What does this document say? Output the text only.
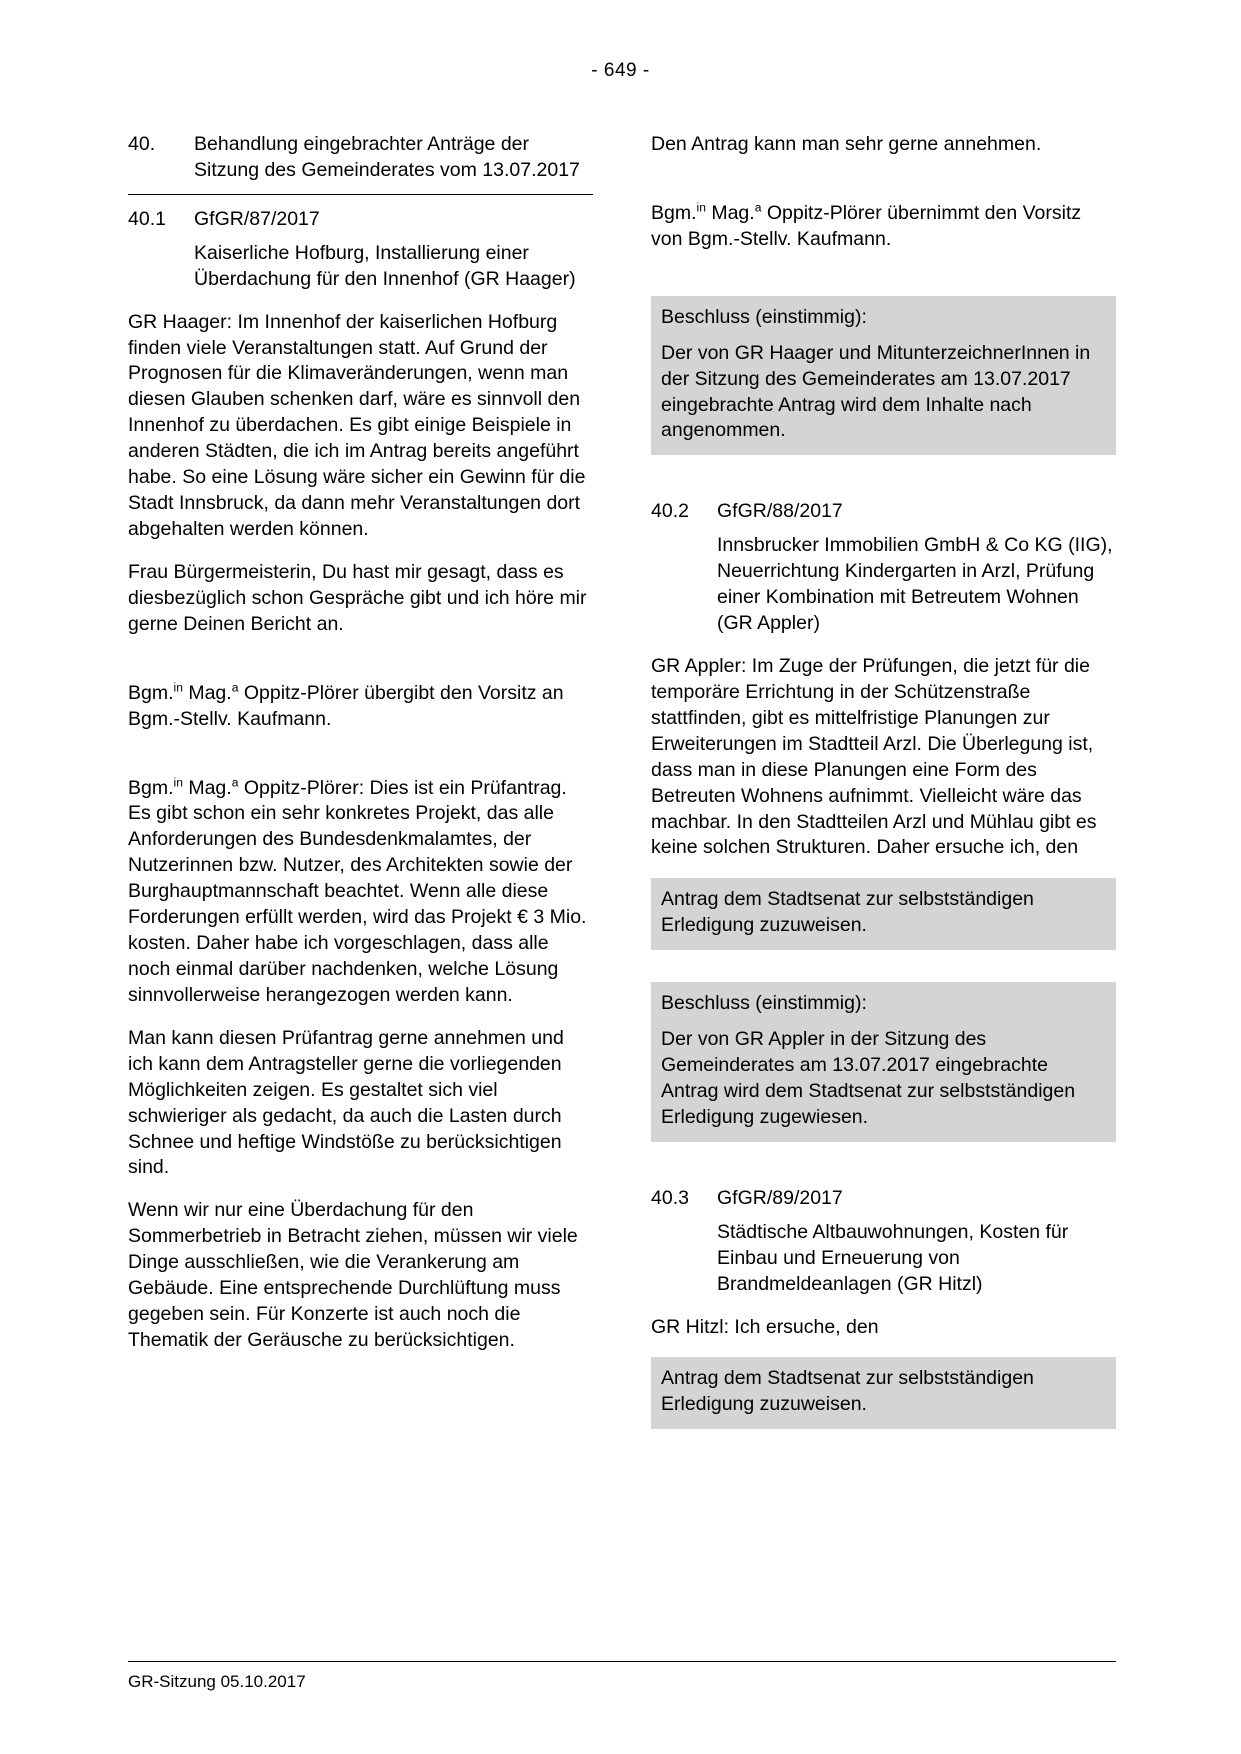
- 649 -
40.	Behandlung eingebrachter Anträge der Sitzung des Gemeinderates vom 13.07.2017
40.1	GfGR/87/2017
Kaiserliche Hofburg, Installierung einer Überdachung für den Innenhof (GR Haager)

GR Haager: Im Innenhof der kaiserlichen Hofburg finden viele Veranstaltungen statt. Auf Grund der Prognosen für die Klimaveränderungen, wenn man diesen Glauben schenken darf, wäre es sinnvoll den Innenhof zu überdachen. Es gibt einige Beispiele in anderen Städten, die ich im Antrag bereits angeführt habe. So eine Lösung wäre sicher ein Gewinn für die Stadt Innsbruck, da dann mehr Veranstaltungen dort abgehalten werden können.

Frau Bürgermeisterin, Du hast mir gesagt, dass es diesbezüglich schon Gespräche gibt und ich höre mir gerne Deinen Bericht an.

Bgm.$^{in}$ Mag.$^a$ Oppitz-Plörer übergibt den Vorsitz an Bgm.-Stellv. Kaufmann.

Bgm.$^{in}$ Mag.$^a$ Oppitz-Plörer: Dies ist ein Prüfantrag. Es gibt schon ein sehr konkretes Projekt, das alle Anforderungen des Bundesdenkmalamtes, der Nutzerinnen bzw. Nutzer, des Architekten sowie der Burghauptmannschaft beachtet. Wenn alle diese Forderungen erfüllt werden, wird das Projekt € 3 Mio. kosten. Daher habe ich vorgeschlagen, dass alle noch einmal darüber nachdenken, welche Lösung sinnvollerweise herangezogen werden kann.

Man kann diesen Prüfantrag gerne annehmen und ich kann dem Antragsteller gerne die vorliegenden Möglichkeiten zeigen. Es gestaltet sich viel schwieriger als gedacht, da auch die Lasten durch Schnee und heftige Windstöße zu berücksichtigen sind.

Wenn wir nur eine Überdachung für den Sommerbetrieb in Betracht ziehen, müssen wir viele Dinge ausschließen, wie die Verankerung am Gebäude. Eine entsprechende Durchlüftung muss gegeben sein. Für Konzerte ist auch noch die Thematik der Geräusche zu berücksichtigen.

Den Antrag kann man sehr gerne annehmen.

Bgm.$^{in}$ Mag.$^a$ Oppitz-Plörer übernimmt den Vorsitz von Bgm.-Stellv. Kaufmann.

Beschluss (einstimmig):

Der von GR Haager und MitunterzeichnerInnen in der Sitzung des Gemeinderates am 13.07.2017 eingebrachte Antrag wird dem Inhalte nach angenommen.

40.2	GfGR/88/2017
Innsbrucker Immobilien GmbH & Co KG (IIG), Neuerrichtung Kindergarten in Arzl, Prüfung einer Kombination mit Betreutem Wohnen (GR Appler)

GR Appler: Im Zuge der Prüfungen, die jetzt für die temporäre Errichtung in der Schützenstraße stattfinden, gibt es mittelfristige Planungen zur Erweiterungen im Stadtteil Arzl. Die Überlegung ist, dass man in diese Planungen eine Form des Betreuten Wohnens aufnimmt. Vielleicht wäre das machbar. In den Stadtteilen Arzl und Mühlau gibt es keine solchen Strukturen. Daher ersuche ich, den

Antrag dem Stadtsenat zur selbstständigen Erledigung zuzuweisen.

Beschluss (einstimmig):

Der von GR Appler in der Sitzung des Gemeinderates am 13.07.2017 eingebrachte Antrag wird dem Stadtsenat zur selbstständigen Erledigung zugewiesen.

40.3	GfGR/89/2017
Städtische Altbauwohnungen, Kosten für Einbau und Erneuerung von Brandmeldeanlagen (GR Hitzl)

GR Hitzl: Ich ersuche, den

Antrag dem Stadtsenat zur selbstständigen Erledigung zuzuweisen.

GR-Sitzung 05.10.2017
